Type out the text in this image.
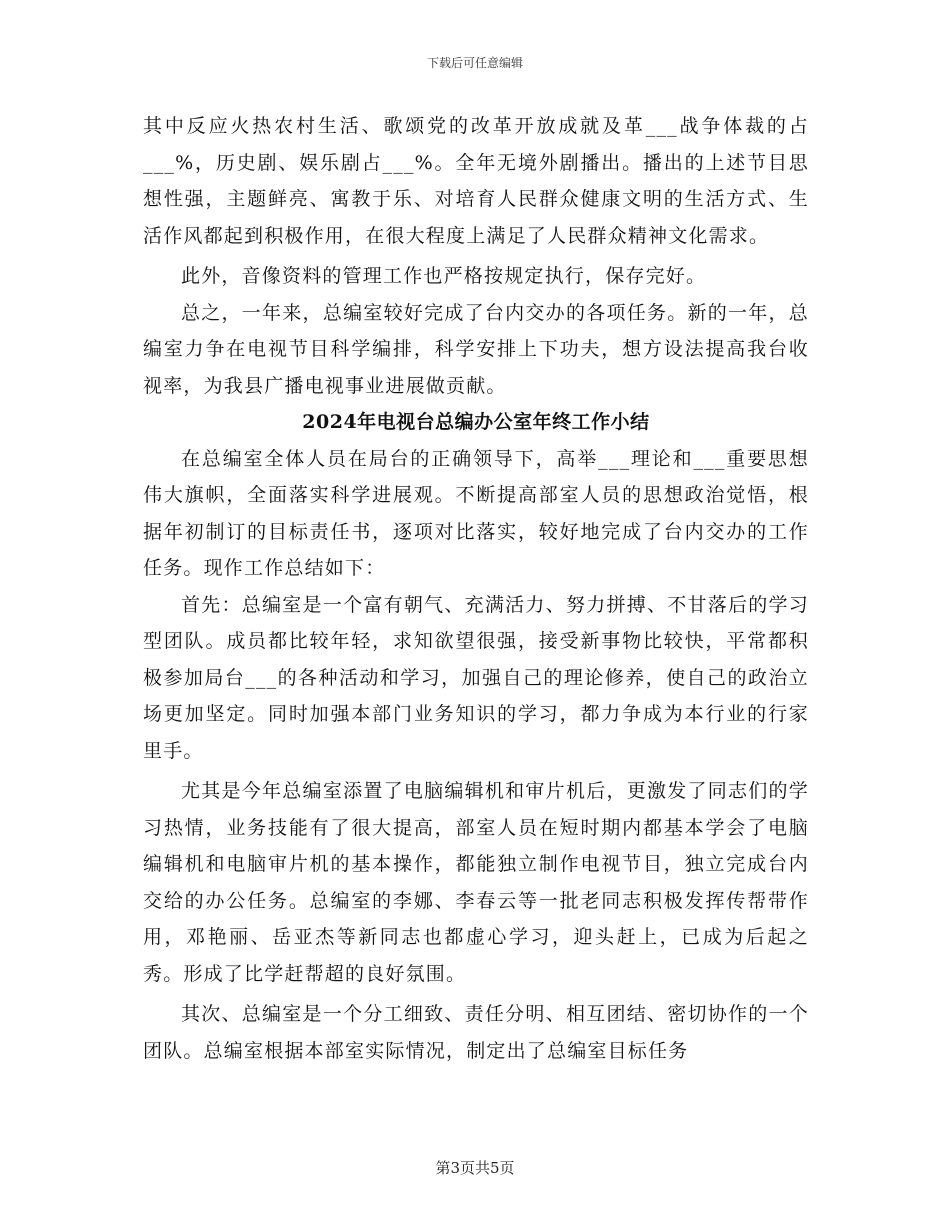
下载后可任意编辑

其中反应火热农村生活、歌颂党的改革开放成就及革___战争体裁的占___%，历史剧、娱乐剧占___%。全年无境外剧播出。播出的上述节目思想性强，主题鲜亮、寓教于乐、对培育人民群众健康文明的生活方式、生活作风都起到积极作用，在很大程度上满足了人民群众精神文化需求。

此外，音像资料的管理工作也严格按规定执行，保存完好。

总之，一年来，总编室较好完成了台内交办的各项任务。新的一年，总编室力争在电视节目科学编排，科学安排上下功夫，想方设法提高我台收视率，为我县广播电视事业进展做贡献。

2024年电视台总编办公室年终工作小结

在总编室全体人员在局台的正确领导下，高举___理论和___重要思想伟大旗帜，全面落实科学进展观。不断提高部室人员的思想政治觉悟，根据年初制订的目标责任书，逐项对比落实，较好地完成了台内交办的工作任务。现作工作总结如下：

首先：总编室是一个富有朝气、充满活力、努力拼搏、不甘落后的学习型团队。成员都比较年轻，求知欲望很强，接受新事物比较快，平常都积极参加局台___的各种活动和学习，加强自己的理论修养，使自己的政治立场更加坚定。同时加强本部门业务知识的学习，都力争成为本行业的行家里手。

尤其是今年总编室添置了电脑编辑机和审片机后，更激发了同志们的学习热情，业务技能有了很大提高，部室人员在短时期内都基本学会了电脑编辑机和电脑审片机的基本操作，都能独立制作电视节目，独立完成台内交给的办公任务。总编室的李娜、李春云等一批老同志积极发挥传帮带作用，邓艳丽、岳亚杰等新同志也都虚心学习，迎头赶上，已成为后起之秀。形成了比学赶帮超的良好氛围。

其次、总编室是一个分工细致、责任分明、相互团结、密切协作的一个团队。总编室根据本部室实际情况，制定出了总编室目标任务

第3页共5页
